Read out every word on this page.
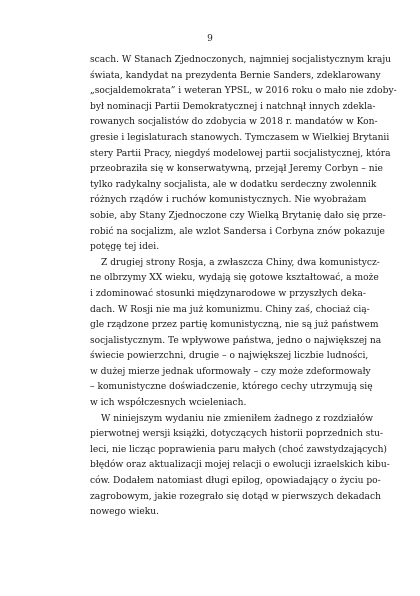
9
scach. W Stanach Zjednoczonych, najmniej socjalistycznym kraju
świata, kandydat na prezydenta Bernie Sanders, zdeklarowany
„socjaldemokrata” i weteran YPSL, w 2016 roku o mało nie zdoby-
był nominacji Partii Demokratycznej i natchnął innych zdekla-
rowanych socjalistów do zdobycia w 2018 r. mandatów w Kon-
gresie i legislaturach stanowych. Tymczasem w Wielkiej Brytanii
stery Partii Pracy, niegdyś modelowej partii socjalistycznej, która
przeobraziła się w konserwatywną, przejął Jeremy Corbyn – nie
tylko radykalny socjalista, ale w dodatku serdeczny zwolennik
różnych rządów i ruchów komunistycznych. Nie wyobrażam
sobie, aby Stany Zjednoczone czy Wielką Brytanię dało się prze-
robić na socjalizm, ale wzlot Sandersa i Corbyna znów pokazuje
potęgę tej idei.
Z drugiej strony Rosja, a zwłaszcza Chiny, dwa komunistycz-
ne olbrzymy XX wieku, wydają się gotowe kształtować, a może
i zdominować stosunki międzynarodowe w przyszłych deka-
dach. W Rosji nie ma już komunizmu. Chiny zaś, chociaż cią-
gle rządzone przez partię komunistyczną, nie są już państwem
socjalistycznym. Te wpływowe państwa, jedno o największej na
świecie powierzchni, drugie – o największej liczbie ludności,
w dużej mierze jednak uformowały – czy może zdeformowały
– komunistyczne doświadczenie, którego cechy utrzymują się
w ich współczesnych wcieleniach.
W niniejszym wydaniu nie zmieniłem żadnego z rozdziałów
pierwotnej wersji książki, dotyczących historii poprzednich stu-
leci, nie licząc poprawienia paru małych (choć zawstydzających)
błędów oraz aktualizacji mojej relacji o ewolucji izraelskich kibu-
ców. Dodałem natomiast długi epilog, opowiadający o życiu po-
zagrobowym, jakie rozegrało się dotąd w pierwszych dekadach
nowego wieku.
